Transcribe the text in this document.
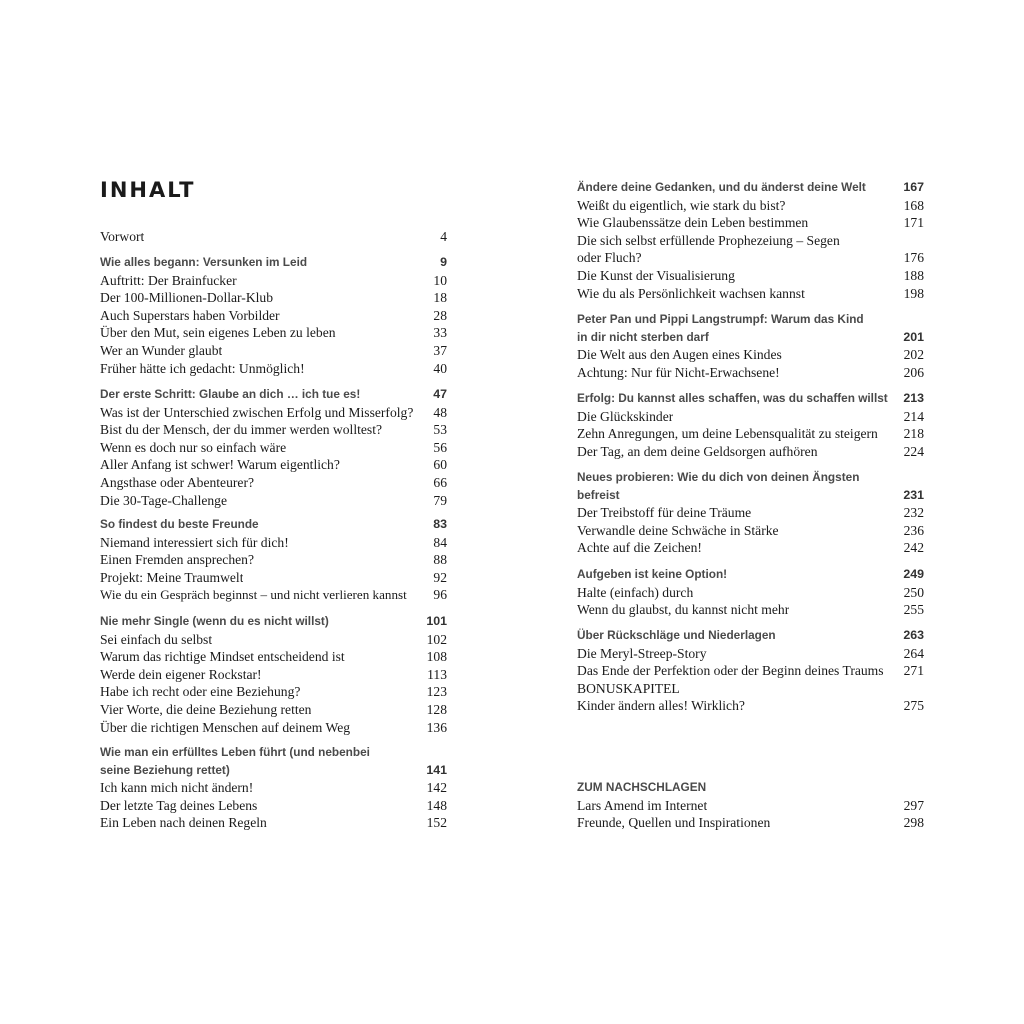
INHALT
Vorwort	4
Wie alles begann: Versunken im Leid	9
Auftritt: Der Brainfucker	10
Der 100-Millionen-Dollar-Klub	18
Auch Superstars haben Vorbilder	28
Über den Mut, sein eigenes Leben zu leben	33
Wer an Wunder glaubt	37
Früher hätte ich gedacht: Unmöglich!	40
Der erste Schritt: Glaube an dich … ich tue es!	47
Was ist der Unterschied zwischen Erfolg und Misserfolg?	48
Bist du der Mensch, der du immer werden wolltest?	53
Wenn es doch nur so einfach wäre	56
Aller Anfang ist schwer! Warum eigentlich?	60
Angsthase oder Abenteurer?	66
Die 30-Tage-Challenge	79
So findest du beste Freunde	83
Niemand interessiert sich für dich!	84
Einen Fremden ansprechen?	88
Projekt: Meine Traumwelt	92
Wie du ein Gespräch beginnst – und nicht verlieren kannst	96
Nie mehr Single (wenn du es nicht willst)	101
Sei einfach du selbst	102
Warum das richtige Mindset entscheidend ist	108
Werde dein eigener Rockstar!	113
Habe ich recht oder eine Beziehung?	123
Vier Worte, die deine Beziehung retten	128
Über die richtigen Menschen auf deinem Weg	136
Wie man ein erfülltes Leben führt (und nebenbei
seine Beziehung rettet)	141
Ich kann mich nicht ändern!	142
Der letzte Tag deines Lebens	148
Ein Leben nach deinen Regeln	152
Ändere deine Gedanken, und du änderst deine Welt	167
Weißt du eigentlich, wie stark du bist?	168
Wie Glaubenssätze dein Leben bestimmen	171
Die sich selbst erfüllende Prophezeiung – Segen
oder Fluch?	176
Die Kunst der Visualisierung	188
Wie du als Persönlichkeit wachsen kannst	198
Peter Pan und Pippi Langstrumpf: Warum das Kind
in dir nicht sterben darf	201
Die Welt aus den Augen eines Kindes	202
Achtung: Nur für Nicht-Erwachsene!	206
Erfolg: Du kannst alles schaffen, was du schaffen willst 213
Die Glückskinder	214
Zehn Anregungen, um deine Lebensqualität zu steigern	218
Der Tag, an dem deine Geldsorgen aufhören	224
Neues probieren: Wie du dich von deinen Ängsten
befreist	231
Der Treibstoff für deine Träume	232
Verwandle deine Schwäche in Stärke	236
Achte auf die Zeichen!	242
Aufgeben ist keine Option!	249
Halte (einfach) durch	250
Wenn du glaubst, du kannst nicht mehr	255
Über Rückschläge und Niederlagen	263
Die Meryl-Streep-Story	264
Das Ende der Perfektion oder der Beginn deines Traums	271
BONUSKAPITEL
Kinder ändern alles! Wirklich?	275
ZUM NACHSCHLAGEN
Lars Amend im Internet	297
Freunde, Quellen und Inspirationen	298
